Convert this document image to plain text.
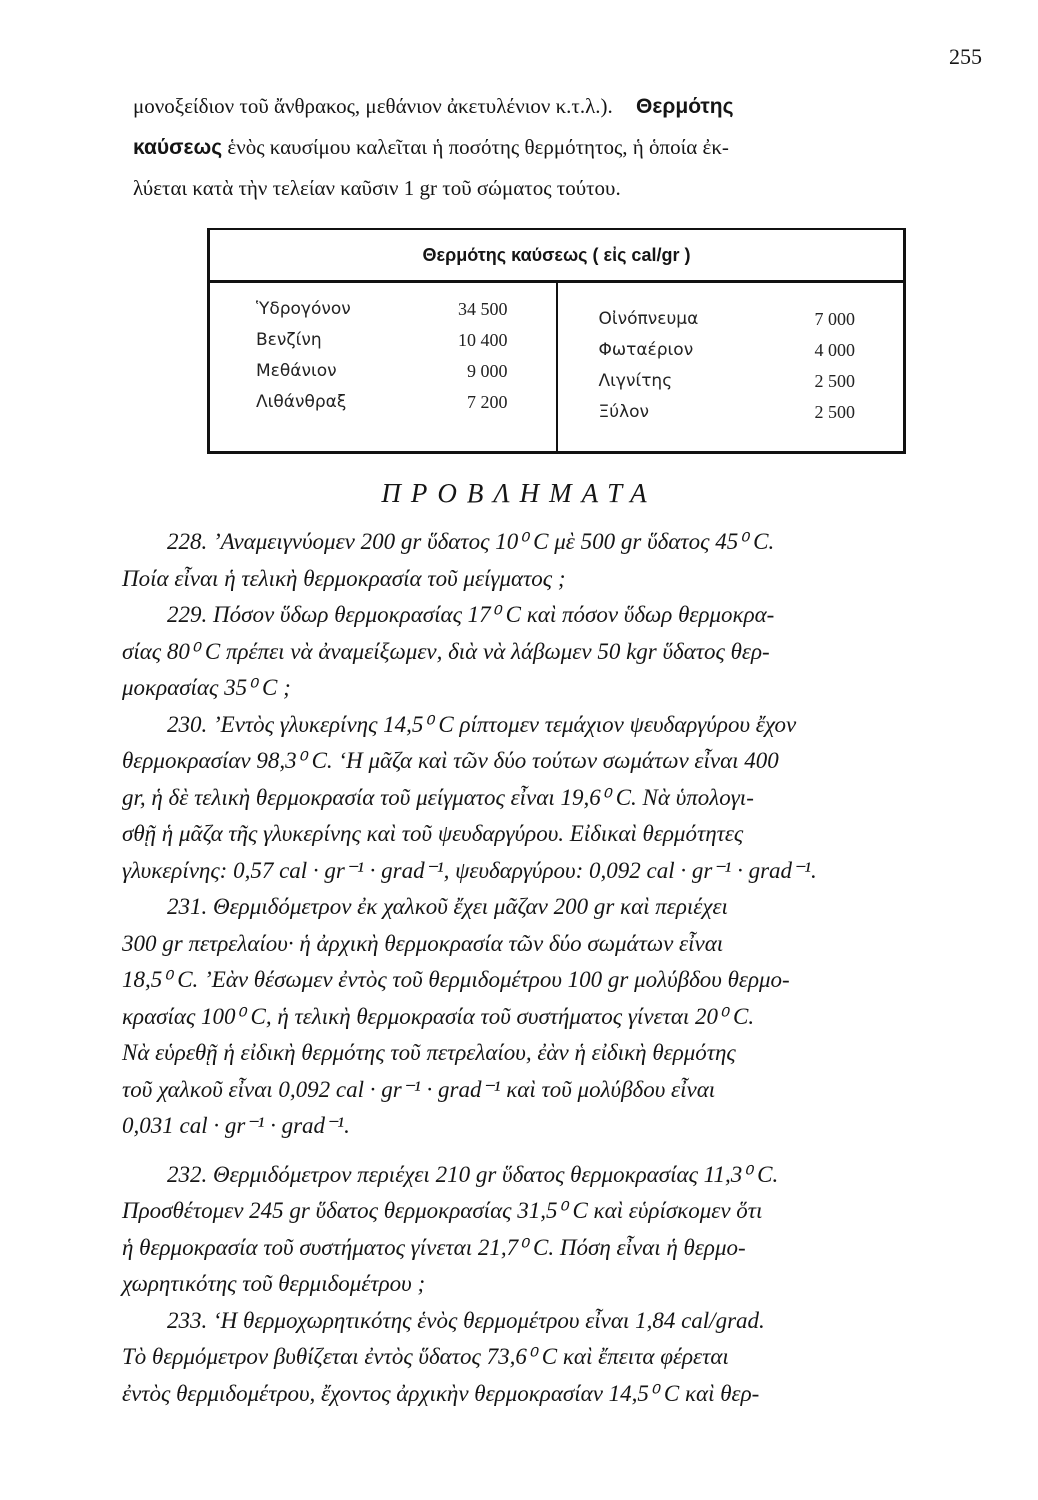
255
μονοξείδιον τοῦ ἄνθρακος, μεθάνιον ἀκετυλένιον κ.τ.λ.). Θερμότης
καύσεως ἑνὸς καυσίμου καλεῖται ἡ ποσότης θερμότητος, ἡ ὁποία ἐκ-
λύεται κατὰ τὴν τελείαν καῦσιν 1 gr τοῦ σώματος τούτου.
Θερμότης καύσεως ( εἰς cal/gr )
Ὑδρογόνον	34 500
Βενζίνη	10 400
Μεθάνιον	9 000
Λιθάνθραξ	7 200
Οἰνόπνευμα	7 000
Φωταέριον	4 000
Λιγνίτης	2 500
Ξύλον	2 500
ΠΡΟΒΛΗΜΑΤΑ
228. ’Αναμειγνύομεν 200 gr ὕδατος 10⁰ C μὲ 500 gr ὕδατος 45⁰ C.
Ποία εἶναι ἡ τελικὴ θερμοκρασία τοῦ μείγματος ;
229. Πόσον ὕδωρ θερμοκρασίας 17⁰ C καὶ πόσον ὕδωρ θερμοκρα-
σίας 80⁰ C πρέπει νὰ ἀναμείξωμεν, διὰ νὰ λάβωμεν 50 kgr ὕδατος θερ-
μοκρασίας 35⁰ C ;
230. ’Εντὸς γλυκερίνης 14,5⁰ C ρίπτομεν τεμάχιον ψευδαργύρου ἔχον
θερμοκρασίαν 98,3⁰ C. ‘Η μᾶζα καὶ τῶν δύο τούτων σωμάτων εἶναι 400
gr, ἡ δὲ τελικὴ θερμοκρασία τοῦ μείγματος εἶναι 19,6⁰ C. Νὰ ὑπολογι-
σθῇ ἡ μᾶζα τῆς γλυκερίνης καὶ τοῦ ψευδαργύρου. Εἰδικαὶ θερμότητες
γλυκερίνης: 0,57 cal · gr⁻¹ · grad⁻¹, ψευδαργύρου: 0,092 cal · gr⁻¹ · grad⁻¹.
231. Θερμιδόμετρον ἐκ χαλκοῦ ἔχει μᾶζαν 200 gr καὶ περιέχει
300 gr πετρελαίου· ἡ ἀρχικὴ θερμοκρασία τῶν δύο σωμάτων εἶναι
18,5⁰ C. ’Εὰν θέσωμεν ἐντὸς τοῦ θερμιδομέτρου 100 gr μολύβδου θερμο-
κρασίας 100⁰ C, ἡ τελικὴ θερμοκρασία τοῦ συστήματος γίνεται 20⁰ C.
Νὰ εὑρεθῇ ἡ εἰδικὴ θερμότης τοῦ πετρελαίου, ἐὰν ἡ εἰδικὴ θερμότης
τοῦ χαλκοῦ εἶναι 0,092 cal · gr⁻¹ · grad⁻¹ καὶ τοῦ μολύβδου εἶναι
0,031 cal · gr⁻¹ · grad⁻¹.
232. Θερμιδόμετρον περιέχει 210 gr ὕδατος θερμοκρασίας 11,3⁰ C.
Προσθέτομεν 245 gr ὕδατος θερμοκρασίας 31,5⁰ C καὶ εὑρίσκομεν ὅτι
ἡ θερμοκρασία τοῦ συστήματος γίνεται 21,7⁰ C. Πόση εἶναι ἡ θερμο-
χωρητικότης τοῦ θερμιδομέτρου ;
233. ‘Η θερμοχωρητικότης ἑνὸς θερμομέτρου εἶναι 1,84 cal/grad.
Τὸ θερμόμετρον βυθίζεται ἐντὸς ὕδατος 73,6⁰ C καὶ ἔπειτα φέρεται
ἐντὸς θερμιδομέτρου, ἔχοντος ἀρχικὴν θερμοκρασίαν 14,5⁰ C καὶ θερ-
